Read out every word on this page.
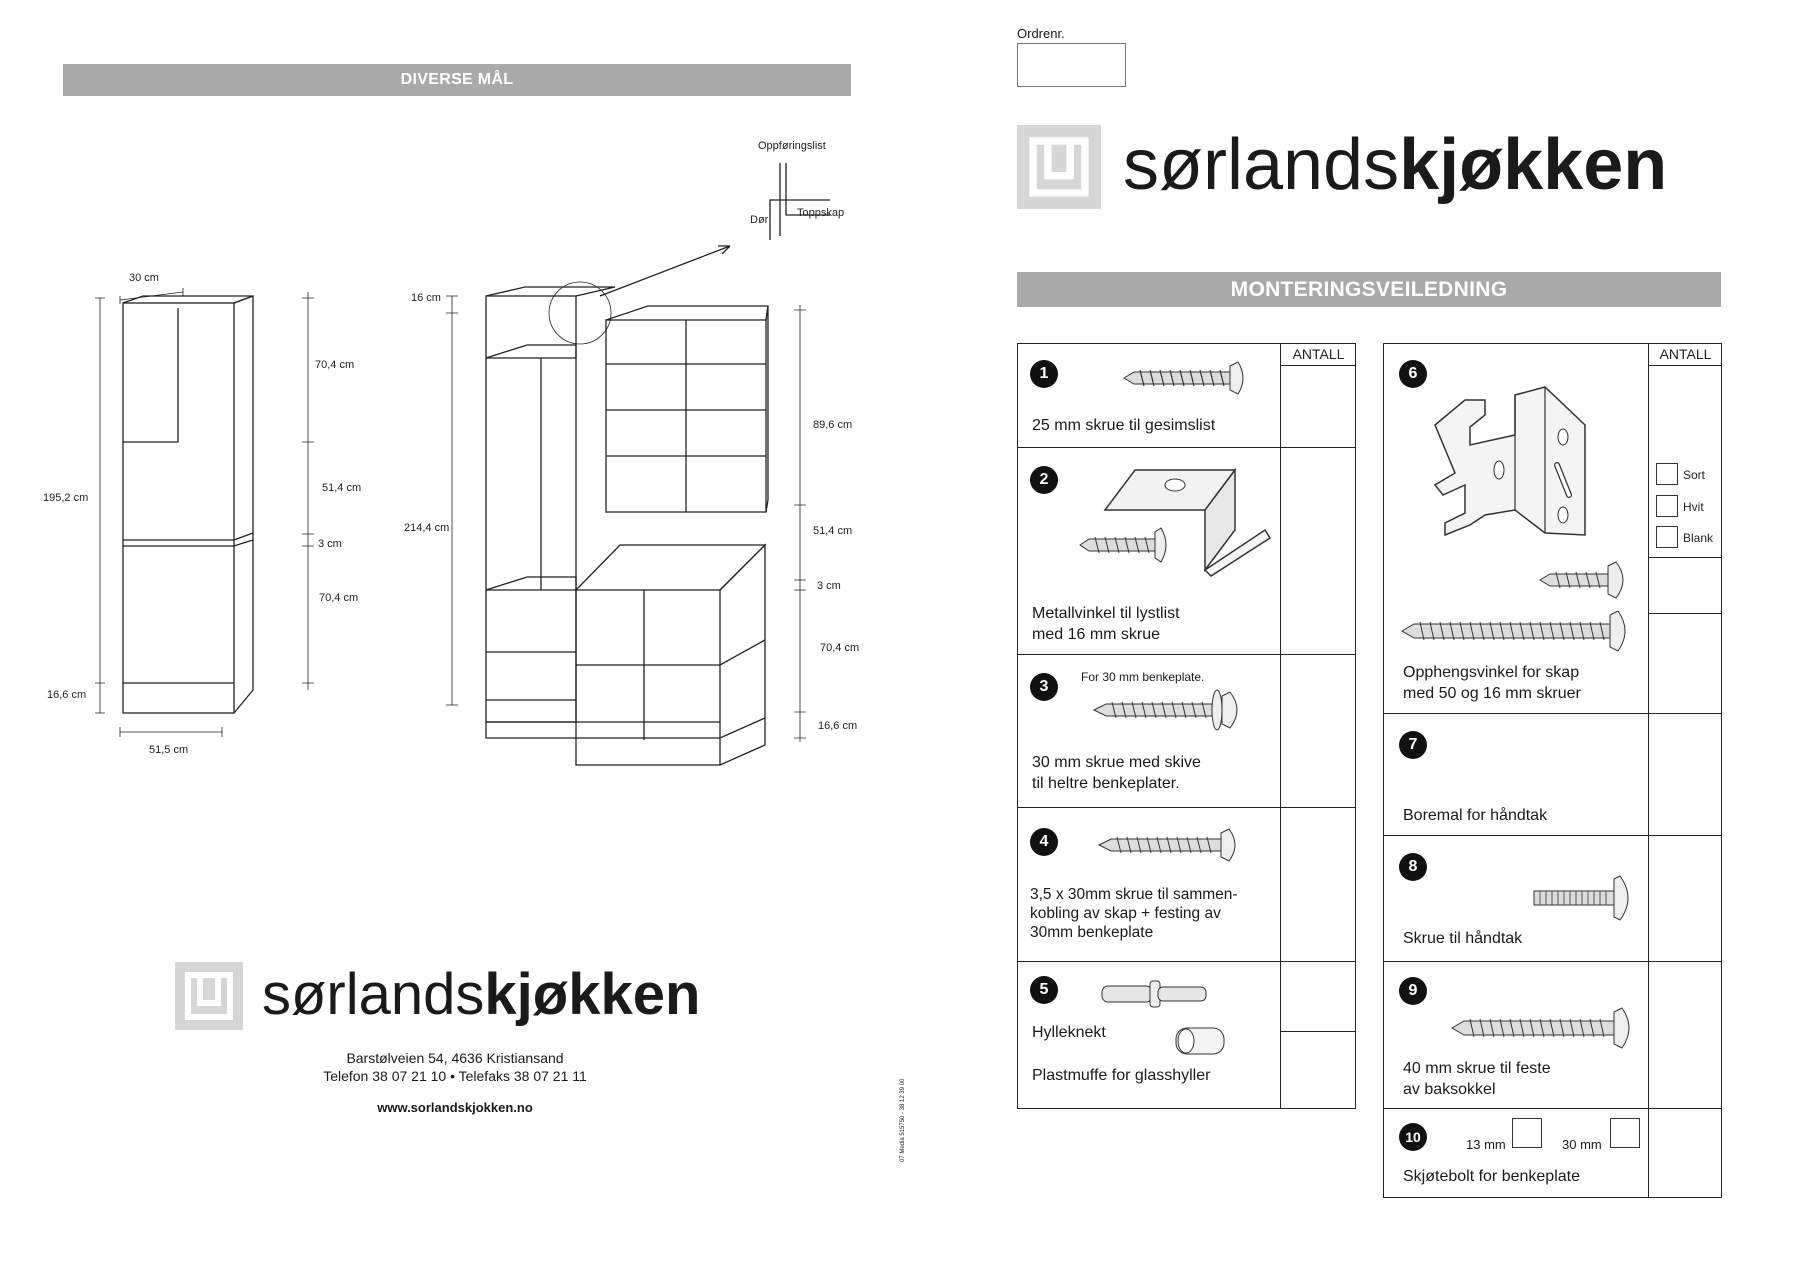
DIVERSE MÅL
Oppføringslist
Dør
Toppskap
30 cm
195,2 cm
70,4 cm
51,4 cm
3 cm
70,4 cm
16,6 cm
51,5 cm
16 cm
214,4 cm
89,6 cm
51,4 cm
3 cm
70,4 cm
16,6 cm
sørlandskjøkken
Barstølveien 54, 4636 Kristiansand
Telefon 38 07 21 10 • Telefaks 38 07 21 11
www.sorlandskjokken.no	07 Media 515750 - 38 12 39 00
Ordrenr.
sørlandskjøkken
MONTERINGSVEILEDNING
ANTALL
1
25 mm skrue til gesimslist
2
Metallvinkel til lystlist
med 16 mm skrue
3
For 30 mm benkeplate.
30 mm skrue med skive
til heltre benkeplater.
4
3,5 x 30mm skrue til sammen-
kobling av skap + festing av
30mm benkeplate
5
Hylleknekt
Plastmuffe for glasshyller
ANTALL
6
Opphengsvinkel for skap
med 50 og 16 mm skruer
Sort
Hvit
Blank
7
Boremal for håndtak
8
Skrue til håndtak
9
40 mm skrue til feste
av baksokkel
10	13 mm	30 mm
Skjøtebolt for benkeplate
